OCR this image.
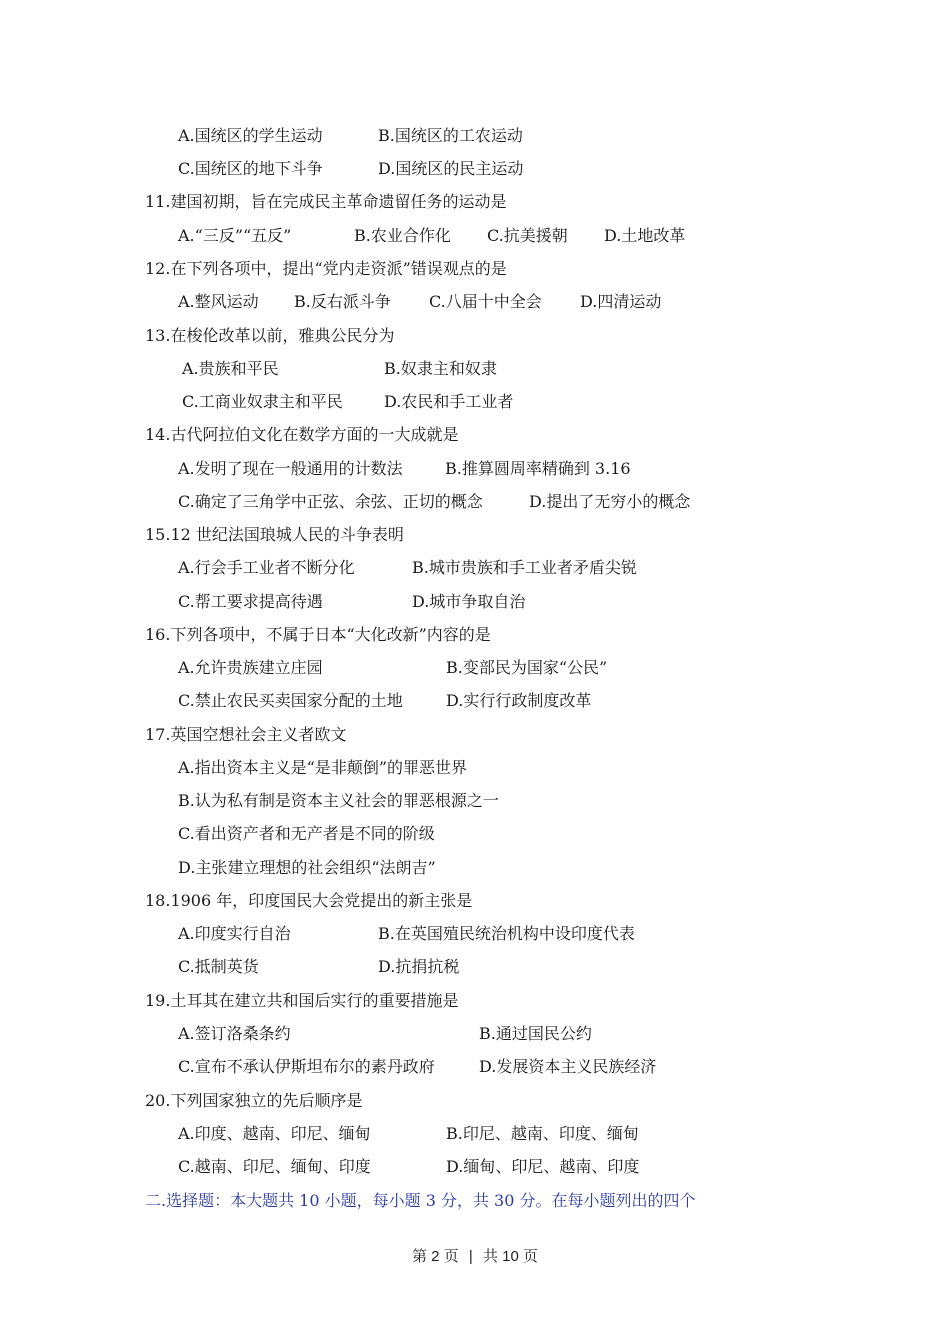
A.国统区的学生运动	B.国统区的工农运动
C.国统区的地下斗争	D.国统区的民主运动
11.建国初期，旨在完成民主革命遗留任务的运动是
A.“三反”“五反”	B.农业合作化 C.抗美援朝 D.土地改革
12.在下列各项中，提出“党内走资派”错误观点的是
A.整风运动 B.反右派斗争 C.八届十中全会 D.四清运动
13.在梭伦改革以前，雅典公民分为
A.贵族和平民	B.奴隶主和奴隶
C.工商业奴隶主和平民	D.农民和手工业者
14.古代阿拉伯文化在数学方面的一大成就是
A.发明了现在一般通用的计数法	B.推算圆周率精确到 3.16
C.确定了三角学中正弦、余弦、正切的概念	D.提出了无穷小的概念
15.12 世纪法国琅城人民的斗争表明
A.行会手工业者不断分化	B.城市贵族和手工业者矛盾尖锐
C.帮工要求提高待遇	D.城市争取自治
16.下列各项中，不属于日本“大化改新”内容的是
A.允许贵族建立庄园	B.变部民为国家“公民”
C.禁止农民买卖国家分配的土地	D.实行行政制度改革
17.英国空想社会主义者欧文
A.指出资本主义是“是非颠倒”的罪恶世界
B.认为私有制是资本主义社会的罪恶根源之一
C.看出资产者和无产者是不同的阶级
D.主张建立理想的社会组织“法朗吉”
18.1906 年，印度国民大会党提出的新主张是
A.印度实行自治	B.在英国殖民统治机构中设印度代表
C.抵制英货	D.抗捐抗税
19.土耳其在建立共和国后实行的重要措施是
A.签订洛桑条约	B.通过国民公约
C.宣布不承认伊斯坦布尔的素丹政府	D.发展资本主义民族经济
20.下列国家独立的先后顺序是
A.印度、越南、印尼、缅甸	B.印尼、越南、印度、缅甸
C.越南、印尼、缅甸、印度	D.缅甸、印尼、越南、印度
二.选择题：本大题共 10 小题，每小题 3 分，共 30 分。在每小题列出的四个
第 2 页 | 共 10 页
